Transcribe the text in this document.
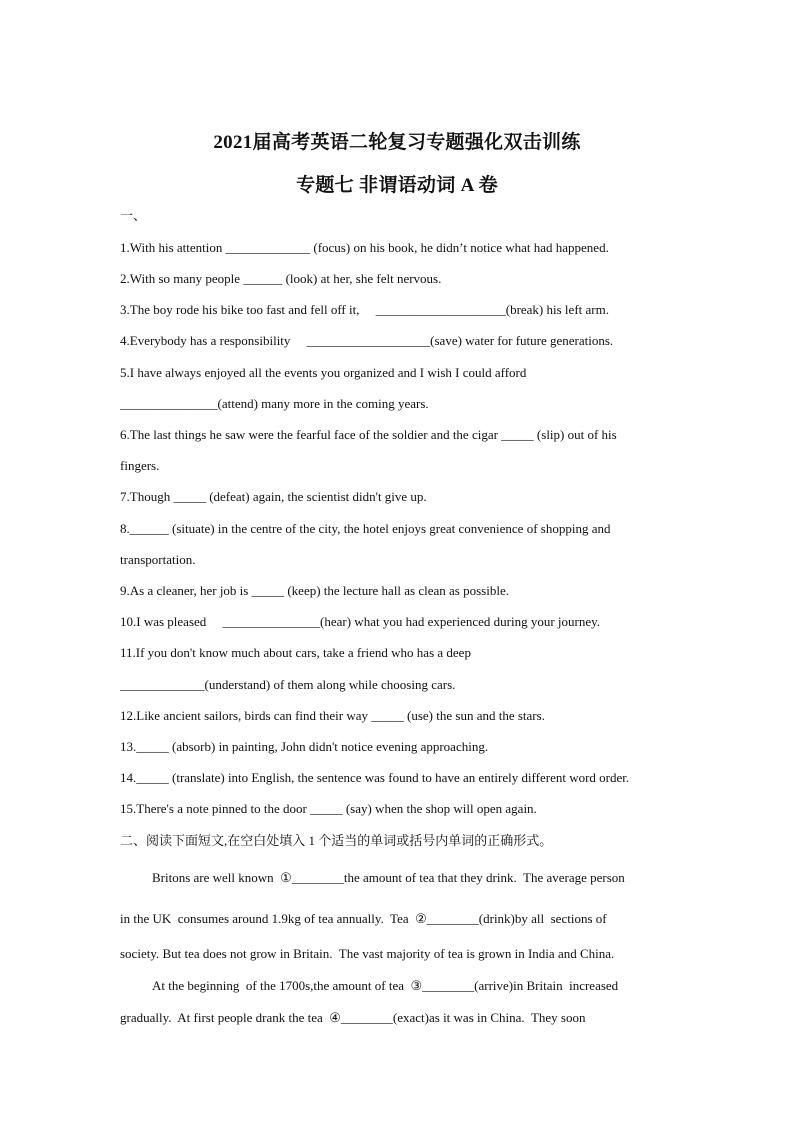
2021届高考英语二轮复习专题强化双击训练
专题七 非谓语动词 A 卷
一、
1.With his attention _____________ (focus) on his book, he didn’t notice what had happened.
2.With so many people ______ (look) at her, she felt nervous.
3.The boy rode his bike too fast and fell off it,     ____________________(break) his left arm.
4.Everybody has a responsibility     ___________________(save) water for future generations.
5.I have always enjoyed all the events you organized and I wish I could afford
_______________(attend) many more in the coming years.
6.The last things he saw were the fearful face of the soldier and the cigar _____ (slip) out of his
fingers.
7.Though _____ (defeat) again, the scientist didn't give up.
8.______ (situate) in the centre of the city, the hotel enjoys great convenience of shopping and
transportation.
9.As a cleaner, her job is _____ (keep) the lecture hall as clean as possible.
10.I was pleased     _______________(hear) what you had experienced during your journey.
11.If you don't know much about cars, take a friend who has a deep
_____________(understand) of them along while choosing cars.
12.Like ancient sailors, birds can find their way _____ (use) the sun and the stars.
13._____ (absorb) in painting, John didn't notice evening approaching.
14._____ (translate) into English, the sentence was found to have an entirely different word order.
15.There's a note pinned to the door _____ (say) when the shop will open again.
二、阅读下面短文,在空白处填入 1 个适当的单词或括号内单词的正确形式。
Britons are well known  ①________the amount of tea that they drink.  The average person
in the UK  consumes around 1.9kg of tea annually.  Tea  ②________(drink)by all  sections of
society. But tea does not grow in Britain.  The vast majority of tea is grown in India and China.
At the beginning  of the 1700s,the amount of tea  ③________(arrive)in Britain  increased
gradually.  At first people drank the tea  ④________(exact)as it was in China.  They soon
